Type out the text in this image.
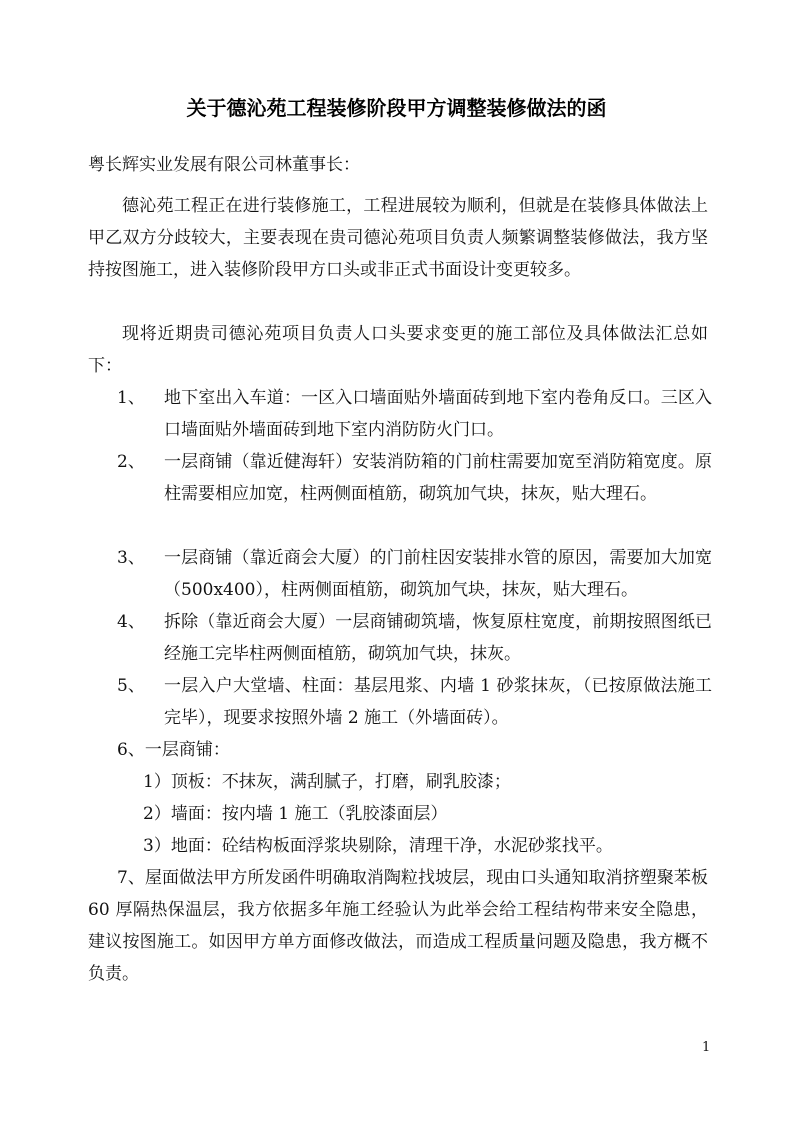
关于德沁苑工程装修阶段甲方调整装修做法的函
粤长辉实业发展有限公司林董事长：
德沁苑工程正在进行装修施工，工程进展较为顺利，但就是在装修具体做法上甲乙双方分歧较大，主要表现在贵司德沁苑项目负责人频繁调整装修做法，我方坚持按图施工，进入装修阶段甲方口头或非正式书面设计变更较多。
现将近期贵司德沁苑项目负责人口头要求变更的施工部位及具体做法汇总如下：
1、 地下室出入车道：一区入口墙面贴外墙面砖到地下室内卷角反口。三区入口墙面贴外墙面砖到地下室内消防防火门口。
2、 一层商铺（靠近健海轩）安装消防箱的门前柱需要加宽至消防箱宽度。原柱需要相应加宽，柱两侧面植筋，砌筑加气块，抹灰，贴大理石。
3、 一层商铺（靠近商会大厦）的门前柱因安装排水管的原因，需要加大加宽（500x400），柱两侧面植筋，砌筑加气块，抹灰，贴大理石。
4、 拆除（靠近商会大厦）一层商铺砌筑墙，恢复原柱宽度，前期按照图纸已经施工完毕柱两侧面植筋，砌筑加气块，抹灰。
5、 一层入户大堂墙、柱面：基层甩浆、内墙 1 砂浆抹灰，（已按原做法施工完毕），现要求按照外墙 2 施工（外墙面砖）。
6、一层商铺：
1）顶板：不抹灰，满刮腻子，打磨，刷乳胶漆；
2）墙面：按内墙 1 施工（乳胶漆面层）
3）地面：砼结构板面浮浆块剔除，清理干净，水泥砂浆找平。
7、屋面做法甲方所发函件明确取消陶粒找坡层，现由口头通知取消挤塑聚苯板 60 厚隔热保温层，我方依据多年施工经验认为此举会给工程结构带来安全隐患，建议按图施工。如因甲方单方面修改做法，而造成工程质量问题及隐患，我方概不负责。
1
